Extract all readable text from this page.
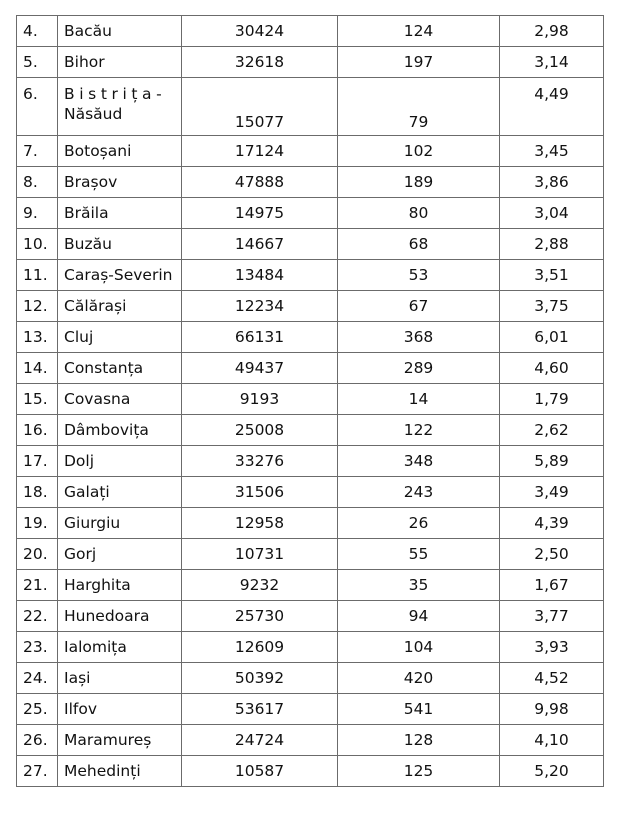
4.	Bacău	30424	124	2,98
5.	Bihor	32618	197	3,14
6.	Bistrița-
Năsăud	15077	79	4,49
7.	Botoșani	17124	102	3,45
8.	Brașov	47888	189	3,86
9.	Brăila	14975	80	3,04
10.	Buzău	14667	68	2,88
11.	Caraș-Severin	13484	53	3,51
12.	Călărași	12234	67	3,75
13.	Cluj	66131	368	6,01
14.	Constanța	49437	289	4,60
15.	Covasna	9193	14	1,79
16.	Dâmbovița	25008	122	2,62
17.	Dolj	33276	348	5,89
18.	Galați	31506	243	3,49
19.	Giurgiu	12958	26	4,39
20.	Gorj	10731	55	2,50
21.	Harghita	9232	35	1,67
22.	Hunedoara	25730	94	3,77
23.	Ialomița	12609	104	3,93
24.	Iași	50392	420	4,52
25.	Ilfov	53617	541	9,98
26.	Maramureș	24724	128	4,10
27.	Mehedinți	10587	125	5,20
